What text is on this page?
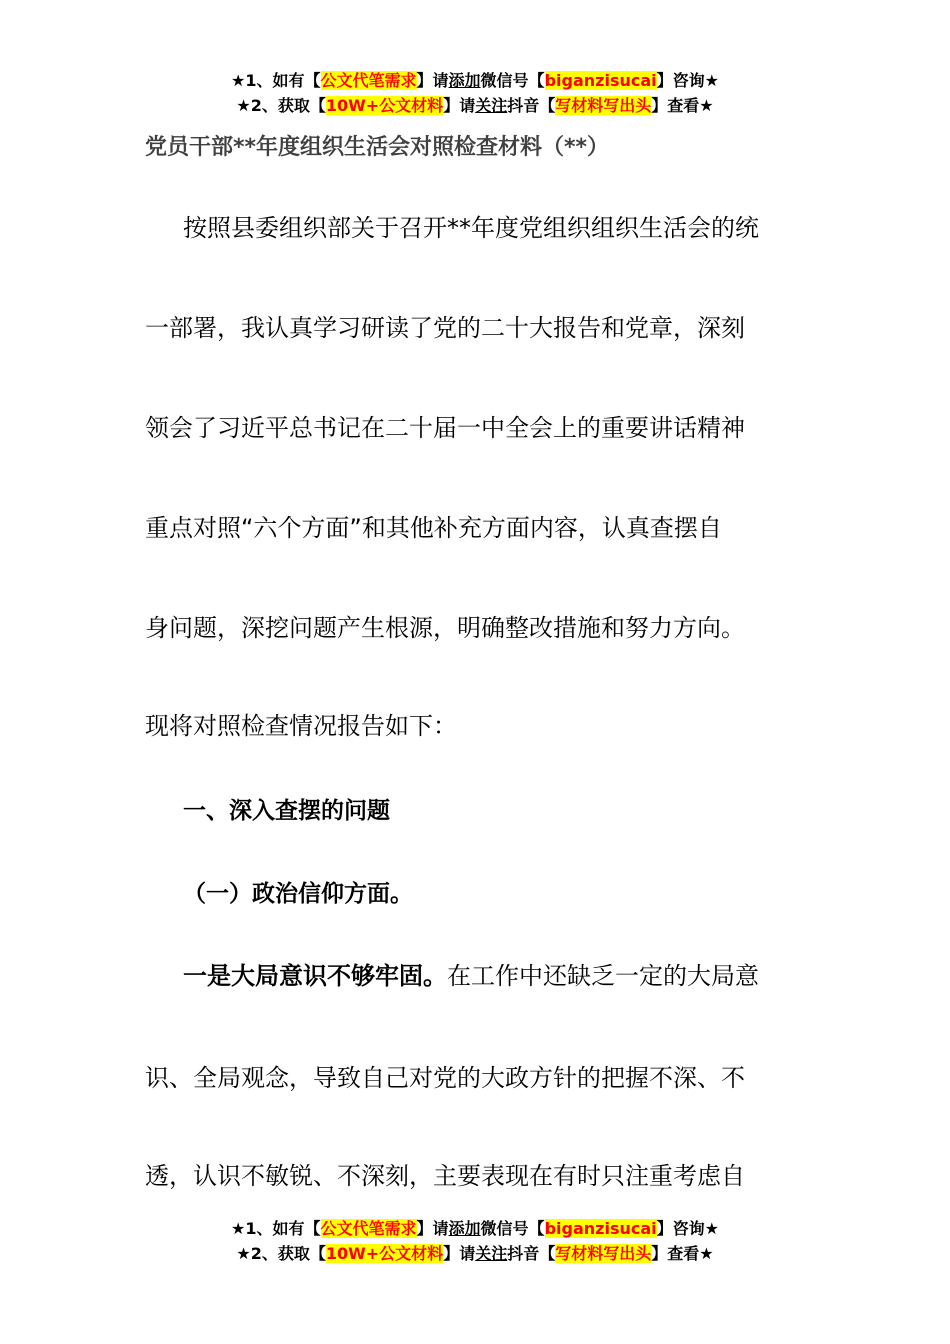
★1、如有【公文代笔需求】请添加微信号【biganzisucai】咨询★
★2、获取【10W+公文材料】请关注抖音【写材料写出头】查看★
党员干部**年度组织生活会对照检查材料（**）
按照县委组织部关于召开**年度党组织组织生活会的统
一部署，我认真学习研读了党的二十大报告和党章，深刻
领会了习近平总书记在二十届一中全会上的重要讲话精神
重点对照“六个方面”和其他补充方面内容，认真查摆自
身问题，深挖问题产生根源，明确整改措施和努力方向。
现将对照检查情况报告如下：
一、深入查摆的问题
（一）政治信仰方面。
一是大局意识不够牢固。在工作中还缺乏一定的大局意
识、全局观念，导致自己对党的大政方针的把握不深、不
透，认识不敏锐、不深刻，主要表现在有时只注重考虑自
★1、如有【公文代笔需求】请添加微信号【biganzisucai】咨询★
★2、获取【10W+公文材料】请关注抖音【写材料写出头】查看★
